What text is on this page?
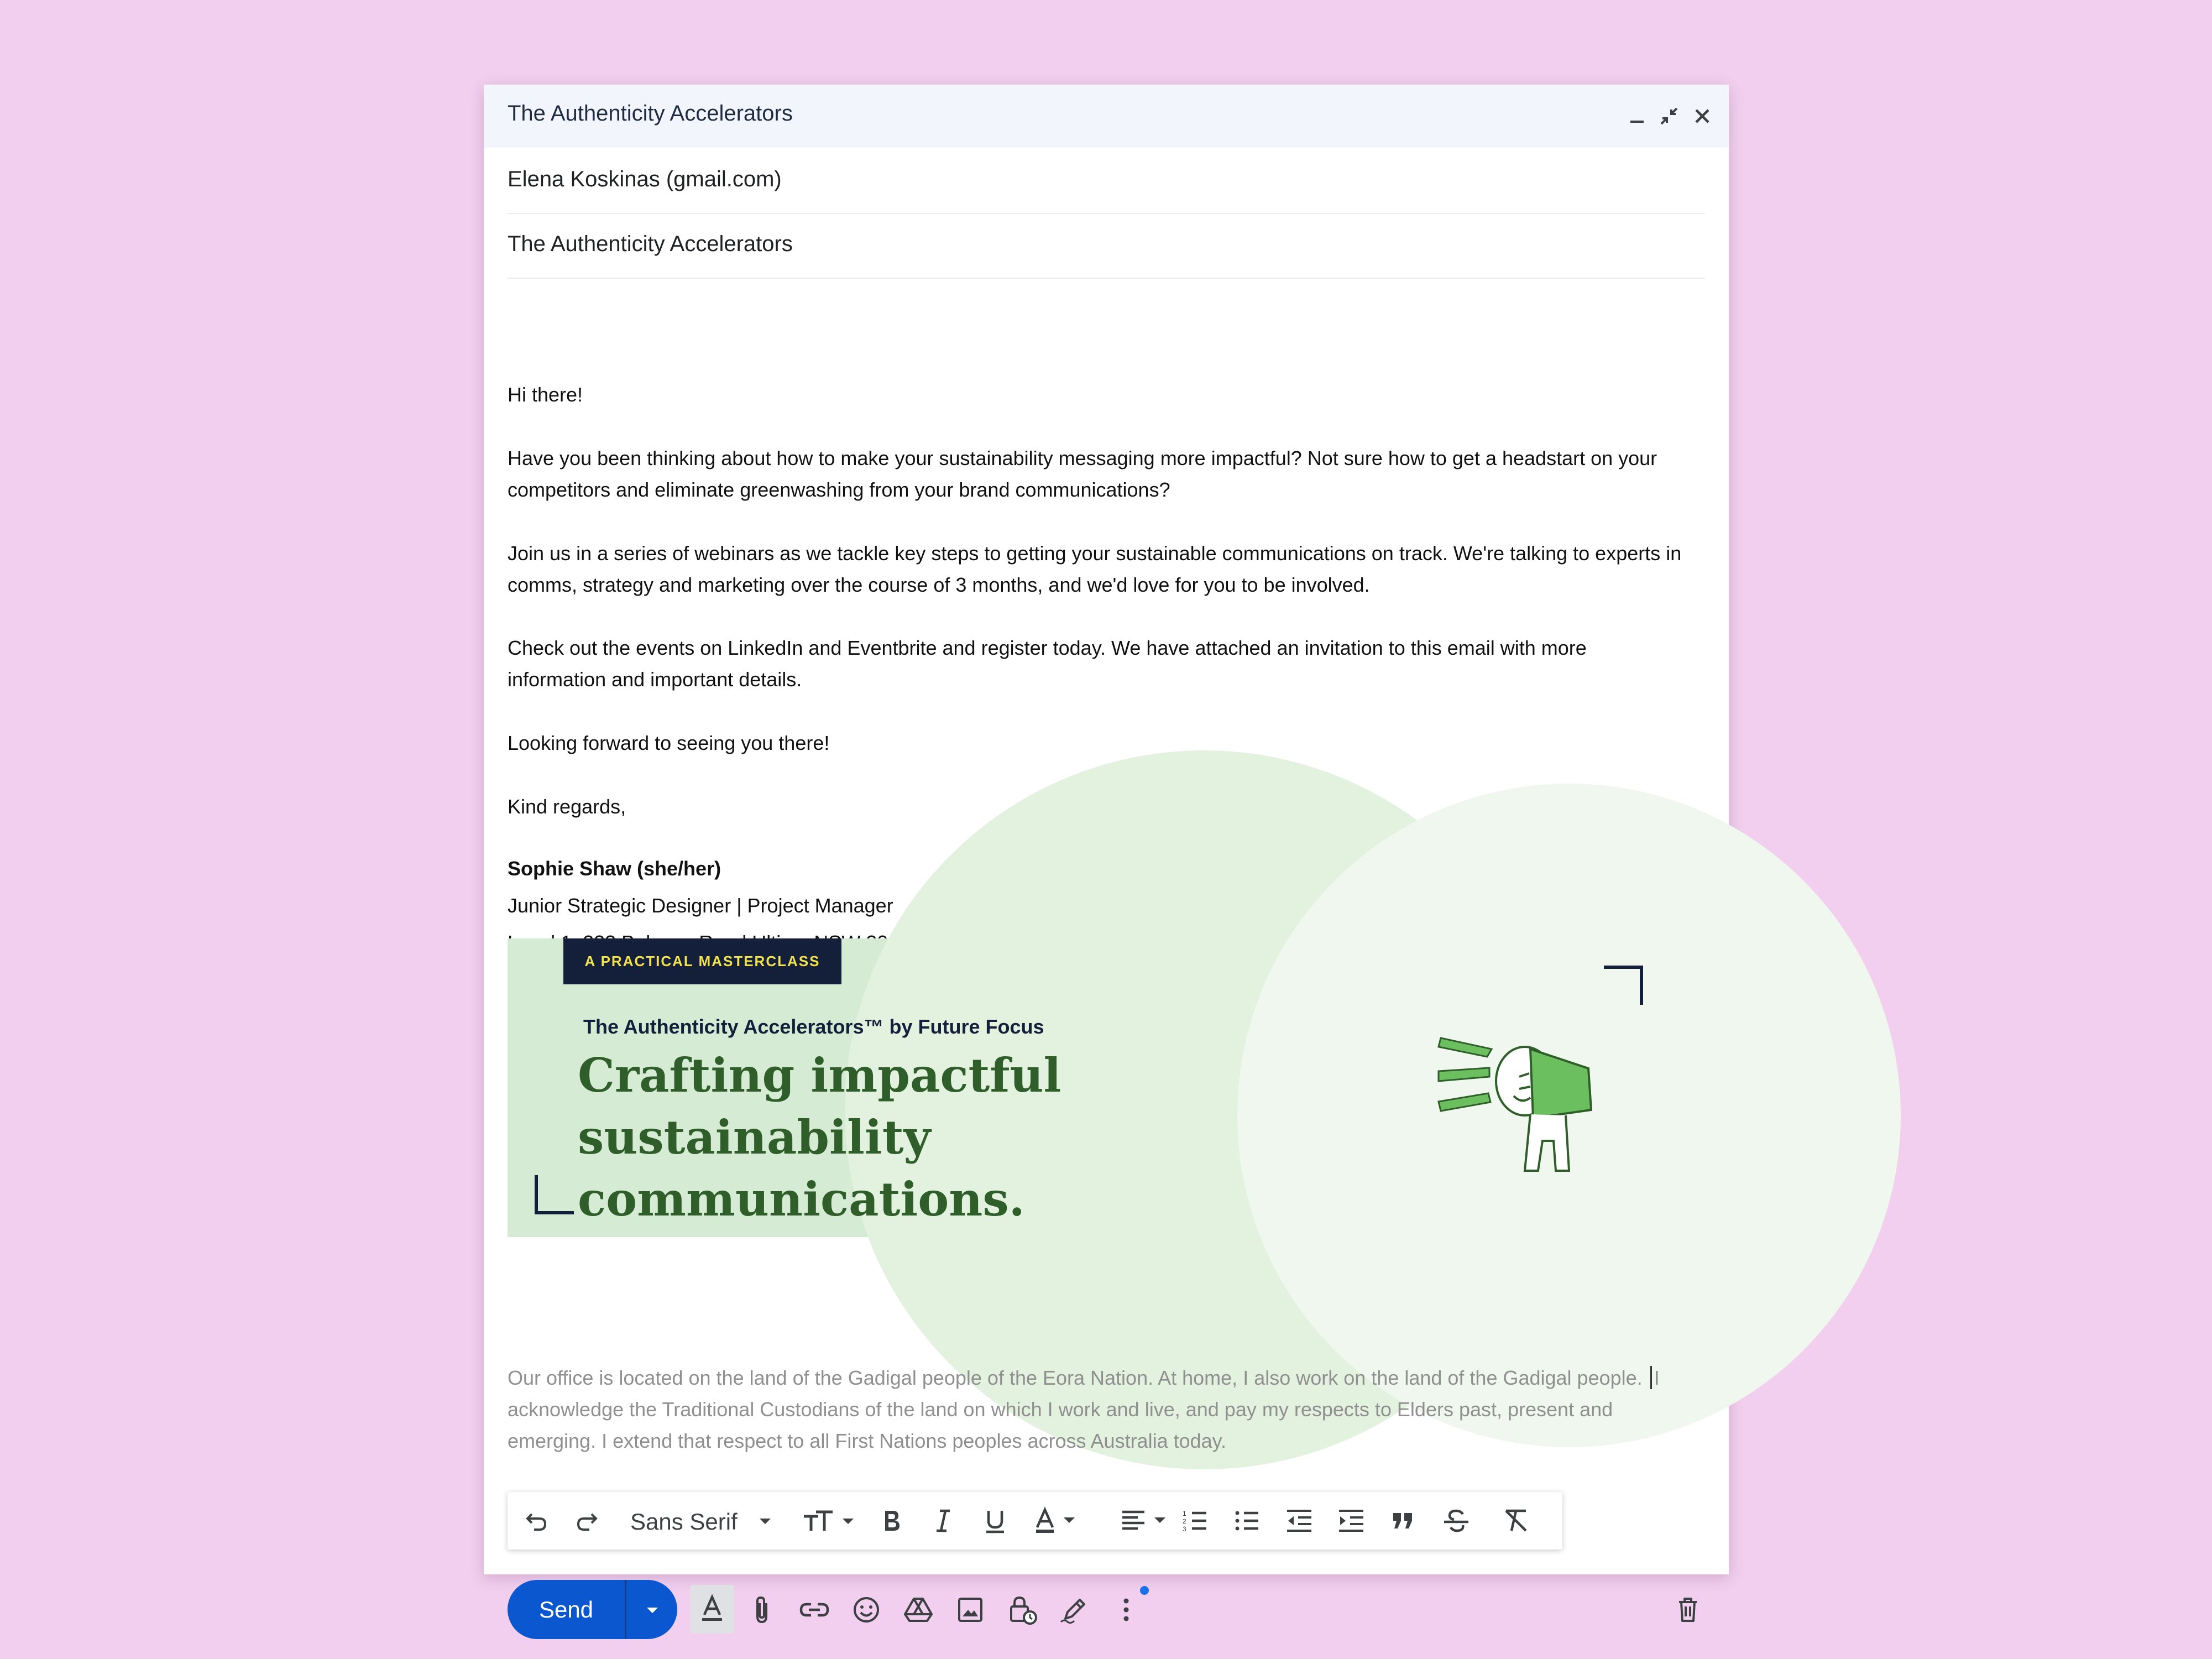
The Authenticity Accelerators
Elena Koskinas (gmail.com)
The Authenticity Accelerators

Hi there!

Have you been thinking about how to make your sustainability messaging more impactful? Not sure how to get a headstart on your competitors and eliminate greenwashing from your brand communications?

Join us in a series of webinars as we tackle key steps to getting your sustainable communications on track. We're talking to experts in comms, strategy and marketing over the course of 3 months, and we'd love for you to be involved.

Check out the events on LinkedIn and Eventbrite and register today. We have attached an invitation to this email with more information and important details.

Looking forward to seeing you there!

Kind regards,

Sophie Shaw (she/her)
Junior Strategic Designer | Project Manager
A PRACTICAL MASTERCLASS
The Authenticity Accelerators™ by Future Focus
Crafting impactful sustainability
communications.

Our office is located on the land of the Gadigal people of the Eora Nation. At home, I also work on the land of the Gadigal people. I acknowledge the Traditional Custodians of the land on which I work and live, and pay my respects to Elders past, present and emerging. I extend that respect to all First Nations peoples across Australia today.

Sans Serif	1
2
3
Send
